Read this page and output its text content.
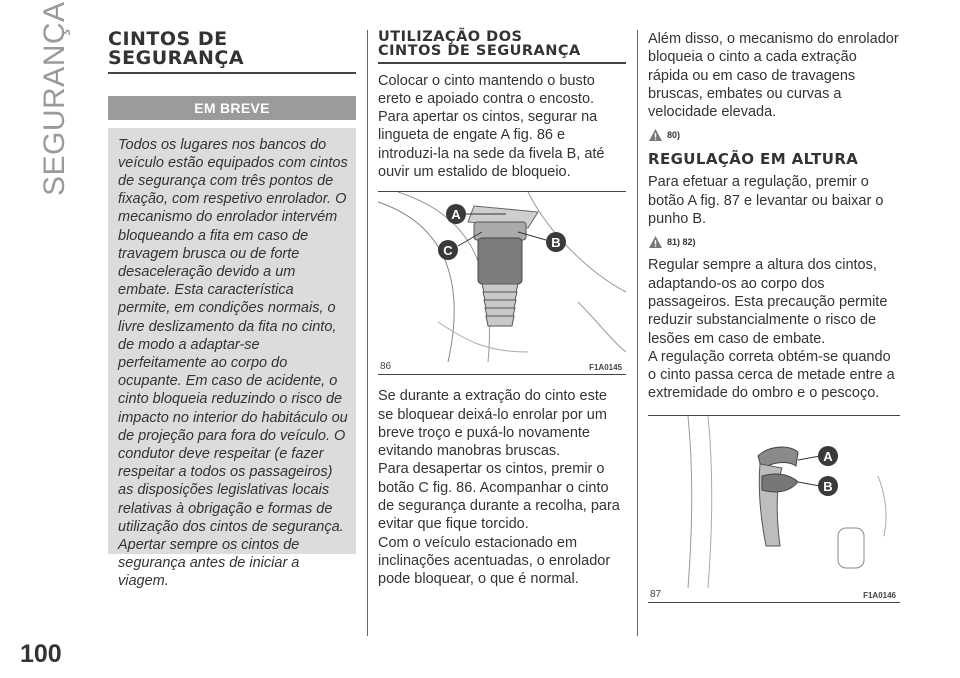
SEGURANÇA
100
CINTOS DE
SEGURANÇA
EM BREVE
Todos os lugares nos bancos do veículo estão equipados com cintos de segurança com três pontos de fixação, com respetivo enrolador. O mecanismo do enrolador intervém bloqueando a fita em caso de travagem brusca ou de forte desaceleração devido a um embate. Esta característica permite, em condições normais, o livre deslizamento da fita no cinto, de modo a adaptar-se perfeitamente ao corpo do ocupante. Em caso de acidente, o cinto bloqueia reduzindo o risco de impacto no interior do habitáculo ou de projeção para fora do veículo. O condutor deve respeitar (e fazer respeitar a todos os passageiros) as disposições legislativas locais relativas à obrigação e formas de utilização dos cintos de segurança. Apertar sempre os cintos de segurança antes de iniciar a viagem.
UTILIZAÇÃO DOS
CINTOS DE SEGURANÇA

Colocar o cinto mantendo o busto ereto e apoiado contra o encosto. Para apertar os cintos, segurar na lingueta de engate A fig. 86 e introduzi-la na sede da fivela B, até ouvir um estalido de bloqueio.

A
B
C
86	F1A0145

Se durante a extração do cinto este se bloquear deixá-lo enrolar por um breve troço e puxá-lo novamente evitando manobras bruscas.

Para desapertar os cintos, premir o botão C fig. 86. Acompanhar o cinto de segurança durante a recolha, para evitar que fique torcido.

Com o veículo estacionado em inclinações acentuadas, o enrolador pode bloquear, o que é normal.

Além disso, o mecanismo do enrolador bloqueia o cinto a cada extração rápida ou em caso de travagens bruscas, embates ou curvas a velocidade elevada.

80)
REGULAÇÃO EM ALTURA

Para efetuar a regulação, premir o botão A fig. 87 e levantar ou baixar o punho B.

81) 82)

Regular sempre a altura dos cintos, adaptando-os ao corpo dos passageiros. Esta precaução permite reduzir substancialmente o risco de lesões em caso de embate.

A regulação correta obtém-se quando o cinto passa cerca de metade entre a extremidade do ombro e o pescoço.

A
B
87	F1A0146
